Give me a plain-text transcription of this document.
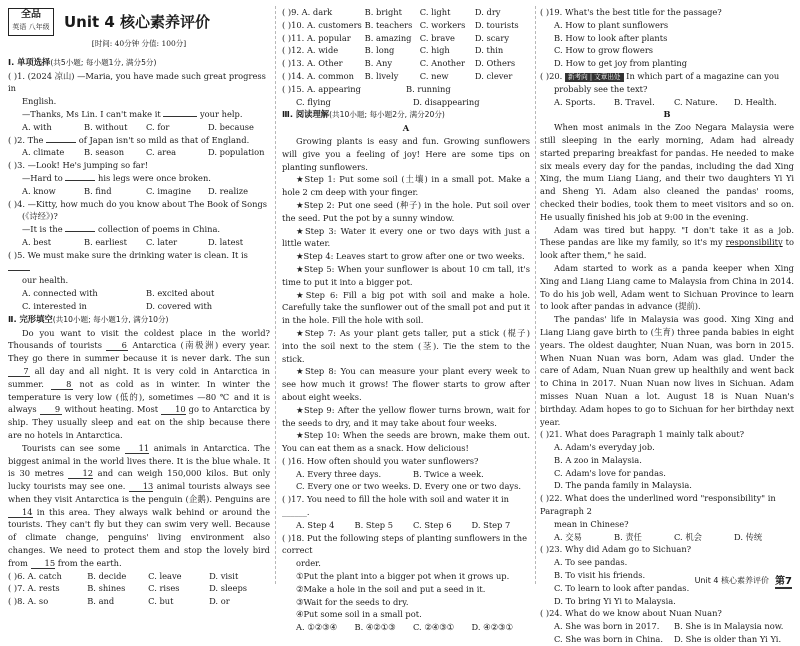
全品
英语 八年级 Unit 4 核心素养评价
[时间: 40分钟 分值: 100分]
Ⅰ. 单项选择(共5小题; 每小题1分, 满分5分)
( )1. (2024 凉山) —Maria, you have made such great progress in
English.
—Thanks, Ms Lin. I can't make it	your help.
A. with	B. without	C. for	D. because
( )2. The	of Japan isn't so mild as that of England.
A. climate	B. season	C. area	D. population
( )3. —Look! He's jumping so far!
—Hard to	his legs were once broken.
A. know	B. find	C. imagine	D. realize
( )4. —Kitty, how much do you know about The Book of Songs
(《诗经》)?
—It is the	collection of poems in China.
A. best	B. earliest	C. later	D. latest
( )5. We must make sure the drinking water is clean. It is
our health.
A. connected with	B. excited about
C. interested in	D. covered with
Ⅱ. 完形填空(共10小题; 每小题1分, 满分10分)

Do you want to visit the coldest place in the world? Thousands of tourists 6 Antarctica (南极洲) every year. They go there in summer because it is never dark. The sun 7 all day and all night. It is very cold in Antarctica in summer.	8 not as cold as in winter. In winter the temperature is very low (低的), sometimes —80 ℃ and it is always 9 without heating. Most 10 go to Antarctica by ship. They usually sleep and eat on the ship because there are no hotels in Antarctica.

Tourists can see some 11 animals in Antarctica. The biggest animal in the world lives there. It is the blue whale. It is 30 metres 12 and can weigh 150,000 kilos. But only lucky tourists may see one. 13 animal tourists always see when they visit Antarctica is the penguin (企鹅). Penguins are 14 in this area. They always walk behind or around the tourists. They can't fly but they can swim very well. Because of climate change, penguins' living environment also changes. We need to protect them and stop the lovely bird from 15 from the earth.

( )6. A. catch	B. decide	C. leave	D. visit
( )7. A. rests	B. shines	C. rises	D. sleeps
( )8. A. so	B. and	C. but	D. or
( )9. A. dark	B. bright	C. light	D. dry
( )10. A. customers B. teachers C. workers	D. tourists
( )11. A. popular	B. amazing C. brave	D. scary
( )12. A. wide	B. long	C. high	D. thin
( )13. A. Other	B. Any	C. Another	D. Others
( )14. A. common	B. lively	C. new	D. clever
( )15. A. appearing	B. running
C. flying	D. disappearing
Ⅲ. 阅读理解(共10小题; 每小题2分, 满分20分)
A

Growing plants is easy and fun. Growing sunflowers will give you a feeling of joy! Here are some tips on planting sunflowers.

★Step 1: Put some soil (土壤) in a small pot. Make a hole 2 cm deep with your finger.

★Step 2: Put one seed (种子) in the hole. Put soil over the seed. Put the pot by a sunny window.

★Step 3: Water it every one or two days with just a little water.

★Step 4: Leaves start to grow after one or two weeks.

★Step 5: When your sunflower is about 10 cm tall, it's time to put it into a bigger pot.

★Step 6: Fill a big pot with soil and make a hole. Carefully take the sunflower out of the small pot and put it in the hole. Fill the hole with soil.

★Step 7: As your plant gets taller, put a stick (棍子) into the soil next to the stem (茎). Tie the stem to the stick.

★Step 8: You can measure your plant every week to see how much it grows! The flower starts to grow after about eight weeks.

★Step 9: After the yellow flower turns brown, wait for the seeds to dry, and it may take about four weeks.

★Step 10: When the seeds are brown, make them out. You can eat them as a snack. How delicious!

( )16. How often should you water sunflowers?
A. Every three days.	B. Twice a week.
C. Every one or two weeks. D. Every one or two days.
( )17. You need to fill the hole with soil and water it in ______.
A. Step 4	B. Step 5	C. Step 6	D. Step 7
( )18. Put the following steps of planting sunflowers in the correct
order.
①Put the plant into a bigger pot when it grows up.
②Make a hole in the soil and put a seed in it.
③Wait for the seeds to dry.
④Put some soil in a small pot.
A. ①②③④	B. ④②①③	C. ②④③①	D. ④②③①
( )19. What's the best title for the passage?
A. How to plant sunflowers
B. How to look after plants
C. How to grow flowers
D. How to get joy from planting
( )20. 新考向 | 文章出处 In which part of a magazine can you
probably see the text?
A. Sports.	B. Travel.	C. Nature.	D. Health.
B

When most animals in the Zoo Negara Malaysia were still sleeping in the early morning, Adam had already started preparing breakfast for pandas. He needed to make six meals every day for the pandas, including the dad Xing Xing, the mum Liang Liang, and their two daughters Yi Yi and Sheng Yi. Adam also cleaned the pandas' rooms, checked their bodies, took them to meet visitors and so on. He usually finished his job at 9:00 in the evening.

Adam was tired but happy. "I don't take it as a job. These pandas are like my family, so it's my responsibility to look after them," he said.

Adam started to work as a panda keeper when Xing Xing and Liang Liang came to Malaysia from China in 2014. To do his job well, Adam went to Sichuan Province to learn to look after pandas in advance (提前).

The pandas' life in Malaysia was good. Xing Xing and Liang Liang gave birth to (生育) three panda babies in eight years. The oldest daughter, Nuan Nuan, was born in 2015. When Nuan Nuan was born, Adam was glad. Under the care of Adam, Nuan Nuan grew up healthily and went back to China in 2017. Nuan Nuan now lives in Sichuan. Adam misses Nuan Nuan a lot. August 18 is Nuan Nuan's birthday. Adam hopes to go to Sichuan for her birthday next year.

( )21. What does Paragraph 1 mainly talk about?
A. Adam's everyday job.
B. A zoo in Malaysia.
C. Adam's love for pandas.
D. The panda family in Malaysia.
( )22. What does the underlined word "responsibility" in Paragraph 2
mean in Chinese?
A. 交易	B. 责任	C. 机会	D. 传统
( )23. Why did Adam go to Sichuan?
A. To see pandas.
B. To visit his friends.
C. To learn to look after pandas.
D. To bring Yi Yi to Malaysia.
( )24. What do we know about Nuan Nuan?
A. She was born in 2017.	B. She is in Malaysia now.
C. She was born in China.	D. She is older than Yi Yi.
Unit 4 核心素养评价 第7
